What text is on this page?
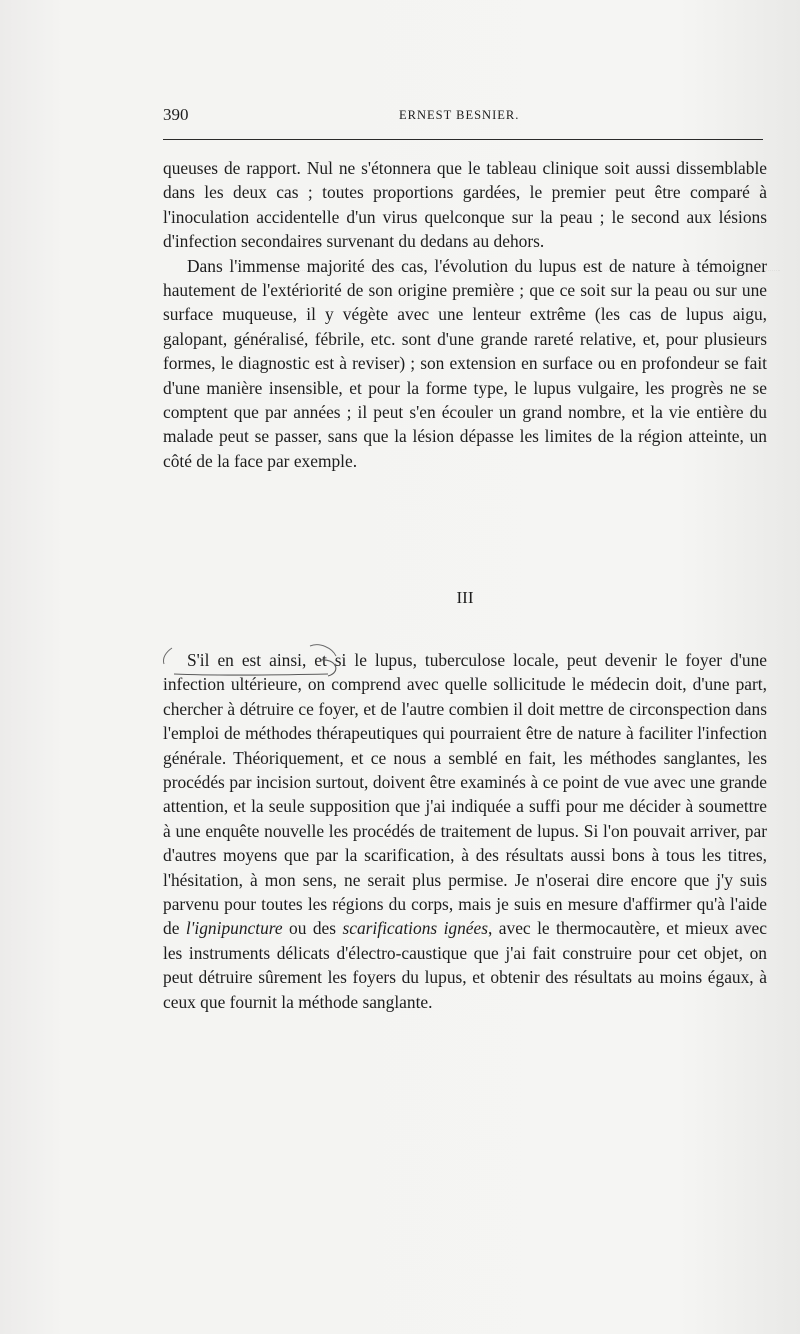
390	ERNEST BESNIER.

queuses de rapport. Nul ne s'étonnera que le tableau clinique soit aussi dissemblable dans les deux cas ; toutes proportions gardées, le premier peut être comparé à l'inoculation accidentelle d'un virus quelconque sur la peau ; le second aux lésions d'infection secondaires survenant du dedans au dehors.

Dans l'immense majorité des cas, l'évolution du lupus est de nature à témoigner hautement de l'extériorité de son origine première ; que ce soit sur la peau ou sur une surface muqueuse, il y végète avec une lenteur extrême (les cas de lupus aigu, galopant, généralisé, fébrile, etc. sont d'une grande rareté relative, et, pour plusieurs formes, le diagnostic est à reviser) ; son extension en surface ou en profondeur se fait d'une manière insensible, et pour la forme type, le lupus vulgaire, les progrès ne se comptent que par années ; il peut s'en écouler un grand nombre, et la vie entière du malade peut se passer, sans que la lésion dépasse les limites de la région atteinte, un côté de la face par exemple.

III

S'il en est ainsi, et si le lupus, tuberculose locale, peut devenir le foyer d'une infection ultérieure, on comprend avec quelle sollicitude le médecin doit, d'une part, chercher à détruire ce foyer, et de l'autre combien il doit mettre de circonspection dans l'emploi de méthodes thérapeutiques qui pourraient être de nature à faciliter l'infection générale. Théoriquement, et ce nous a semblé en fait, les méthodes sanglantes, les procédés par incision surtout, doivent être examinés à ce point de vue avec une grande attention, et la seule supposition que j'ai indiquée a suffi pour me décider à soumettre à une enquête nouvelle les procédés de traitement de lupus. Si l'on pouvait arriver, par d'autres moyens que par la scarification, à des résultats aussi bons à tous les titres, l'hésitation, à mon sens, ne serait plus permise. Je n'oserai dire encore que j'y suis parvenu pour toutes les régions du corps, mais je suis en mesure d'affirmer qu'à l'aide de l'ignipuncture ou des scarifications ignées, avec le thermocautère, et mieux avec les instruments délicats d'électro-caustique que j'ai fait construire pour cet objet, on peut détruire sûrement les foyers du lupus, et obtenir des résultats au moins égaux, à ceux que fournit la méthode sanglante.
